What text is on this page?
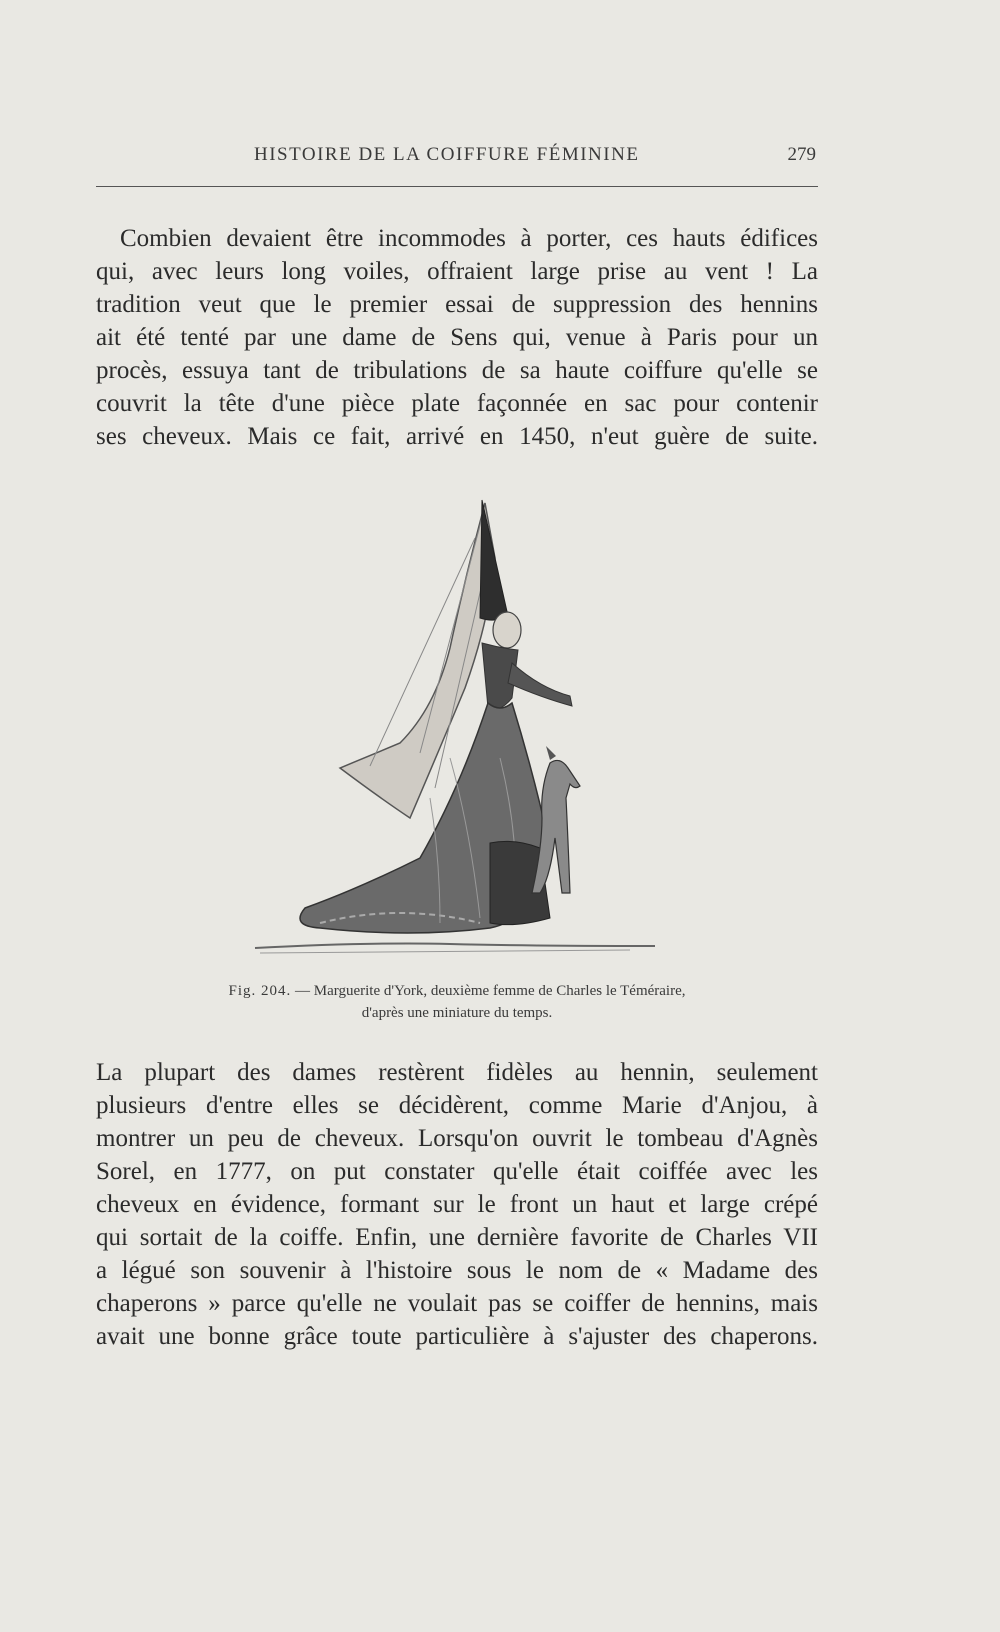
HISTOIRE DE LA COIFFURE FÉMININE	279
Combien devaient être incommodes à porter, ces hauts édifices
qui, avec leurs long voiles, offraient large prise au vent ! La
tradition veut que le premier essai de suppression des hennins
ait été tenté par une dame de Sens qui, venue à Paris pour un
procès, essuya tant de tribulations de sa haute coiffure qu'elle se
couvrit la tête d'une pièce plate façonnée en sac pour contenir
ses cheveux. Mais ce fait, arrivé en 1450, n'eut guère de suite.
Fig. 204. — Marguerite d'York, deuxième femme de Charles le Téméraire,
d'après une miniature du temps.
La plupart des dames restèrent fidèles au hennin, seulement
plusieurs d'entre elles se décidèrent, comme Marie d'Anjou, à
montrer un peu de cheveux. Lorsqu'on ouvrit le tombeau d'Agnès
Sorel, en 1777, on put constater qu'elle était coiffée avec les
cheveux en évidence, formant sur le front un haut et large crépé
qui sortait de la coiffe. Enfin, une dernière favorite de Charles VII
a légué son souvenir à l'histoire sous le nom de « Madame des
chaperons » parce qu'elle ne voulait pas se coiffer de hennins, mais
avait une bonne grâce toute particulière à s'ajuster des chaperons.
